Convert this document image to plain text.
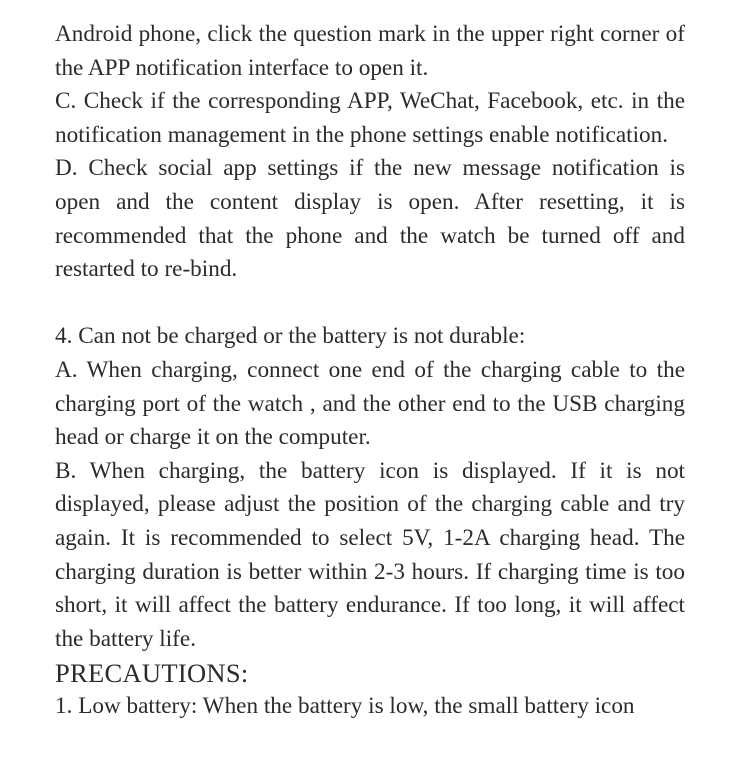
Android phone, click the question mark in the upper right corner of the APP notification interface to open it.

C. Check if the corresponding APP, WeChat, Facebook, etc. in the notification management in the phone settings enable notification.

D. Check social app settings if the new message notification is open and the content display is open. After resetting, it is recommended that the phone and the watch be turned off and restarted to re-bind.

4. Can not be charged or the battery is not durable:

A. When charging, connect one end of the charging cable to the charging port of the watch , and the other end to the USB charging head or charge it on the computer.

B. When charging, the battery icon is displayed. If it is not displayed, please adjust the position of the charging cable and try again. It is recommended to select 5V, 1-2A charging head. The charging duration is better within 2-3 hours. If charging time is too short, it will affect the battery endurance. If too long, it will affect the battery life.

PRECAUTIONS:

1. Low battery: When the battery is low, the small battery icon
